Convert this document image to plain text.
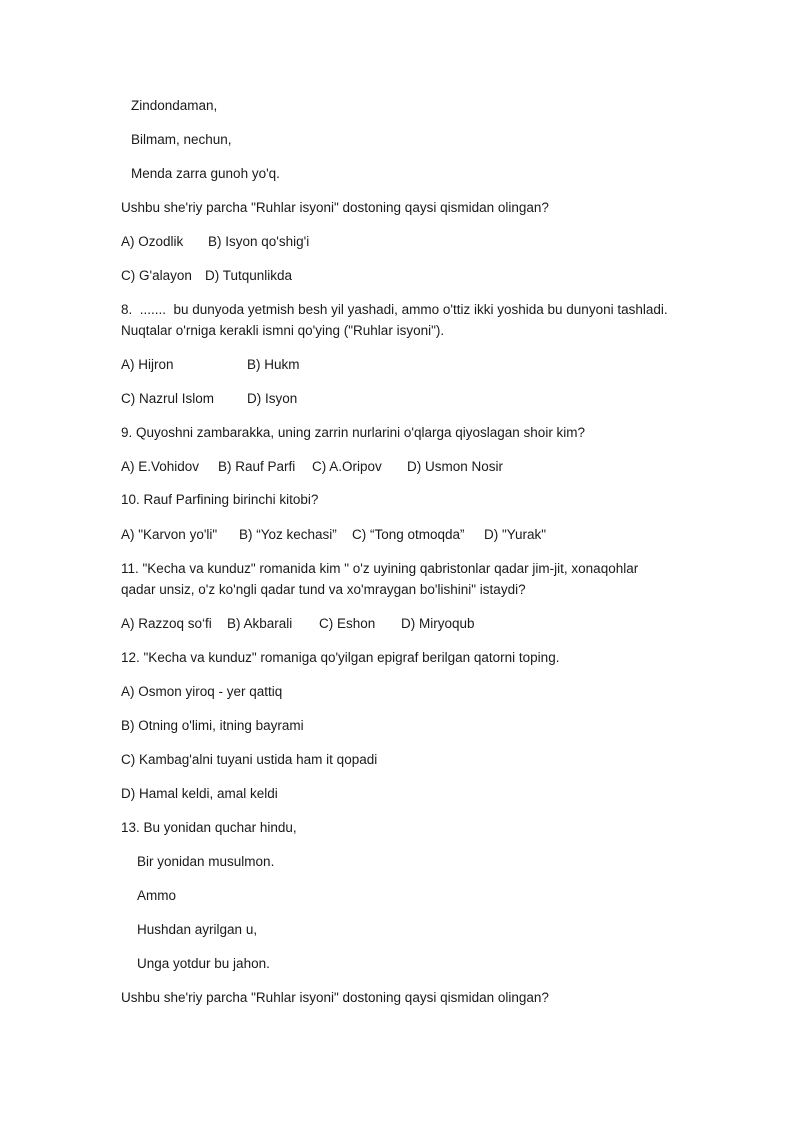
Zindondaman,
Bilmam, nechun,
Menda zarra gunoh yo'q.
Ushbu she'riy parcha "Ruhlar isyoni" dostoning qaysi qismidan olingan?
A) Ozodlik B) Isyon qo'shig'i
C) G'alayon D) Tutqunlikda
8.  .......  bu dunyoda yetmish besh yil yashadi, ammo o'ttiz ikki yoshida bu dunyoni tashladi.
Nuqtalar o'rniga kerakli ismni qo'ying ("Ruhlar isyoni").
A) Hijron	B) Hukm
C) Nazrul Islom D) Isyon
9. Quyoshni zambarakka, uning zarrin nurlarini o'qlarga qiyoslagan shoir kim?
A) E.Vohidov B) Rauf Parfi C) A.Oripov D) Usmon Nosir
10. Rauf Parfining birinchi kitobi?
A) "Karvon yo'li" B) “Yoz kechasi” C) “Tong otmoqda” D) "Yurak"
11. "Kecha va kunduz" romanida kim " o'z uyining qabristonlar qadar jim-jit, xonaqohlar
qadar unsiz, o'z ko'ngli qadar tund va xo'mraygan bo'lishini" istaydi?
A) Razzoq so‘fi B) Akbarali C) Eshon D) Miryoqub
12. "Kecha va kunduz" romaniga qo'yilgan epigraf berilgan qatorni toping.
A) Osmon yiroq - yer qattiq
B) Otning o'limi, itning bayrami
C) Kambag'alni tuyani ustida ham it qopadi
D) Hamal keldi, amal keldi
13. Bu yonidan quchar hindu,
Bir yonidan musulmon.
Ammo
Hushdan ayrilgan u,
Unga yotdur bu jahon.
Ushbu she'riy parcha "Ruhlar isyoni" dostoning qaysi qismidan olingan?
